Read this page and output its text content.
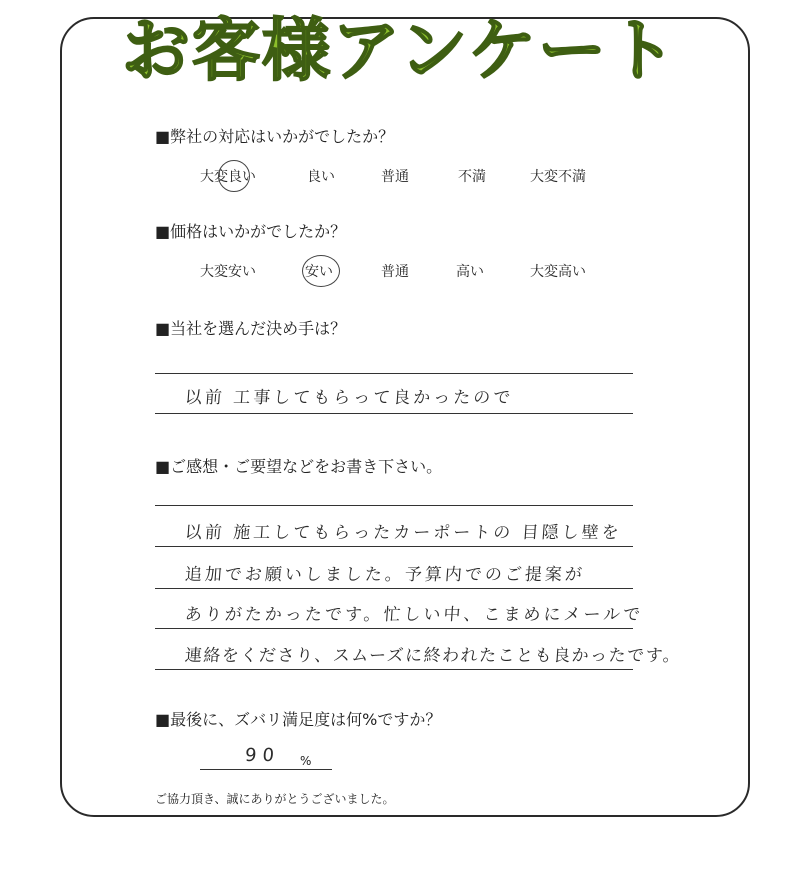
お客様アンケート
■弊社の対応はいかがでしたか？
大変良い	良い	普通	不満	大変不満
■価格はいかがでしたか？
大変安い	安い	普通	高い	大変高い
■当社を選んだ決め手は？
以前 工事してもらって良かったので
■ご感想・ご要望などをお書き下さい。
以前 施工してもらったカーポートの 目隠し壁を
追加でお願いしました。予算内でのご提案が
ありがたかったです。忙しい中、こまめにメールで
連絡をくださり、スムーズに終われたことも良かったです。
■最後に、ズバリ満足度は何%ですか？
90 %
ご協力頂き、誠にありがとうございました。
